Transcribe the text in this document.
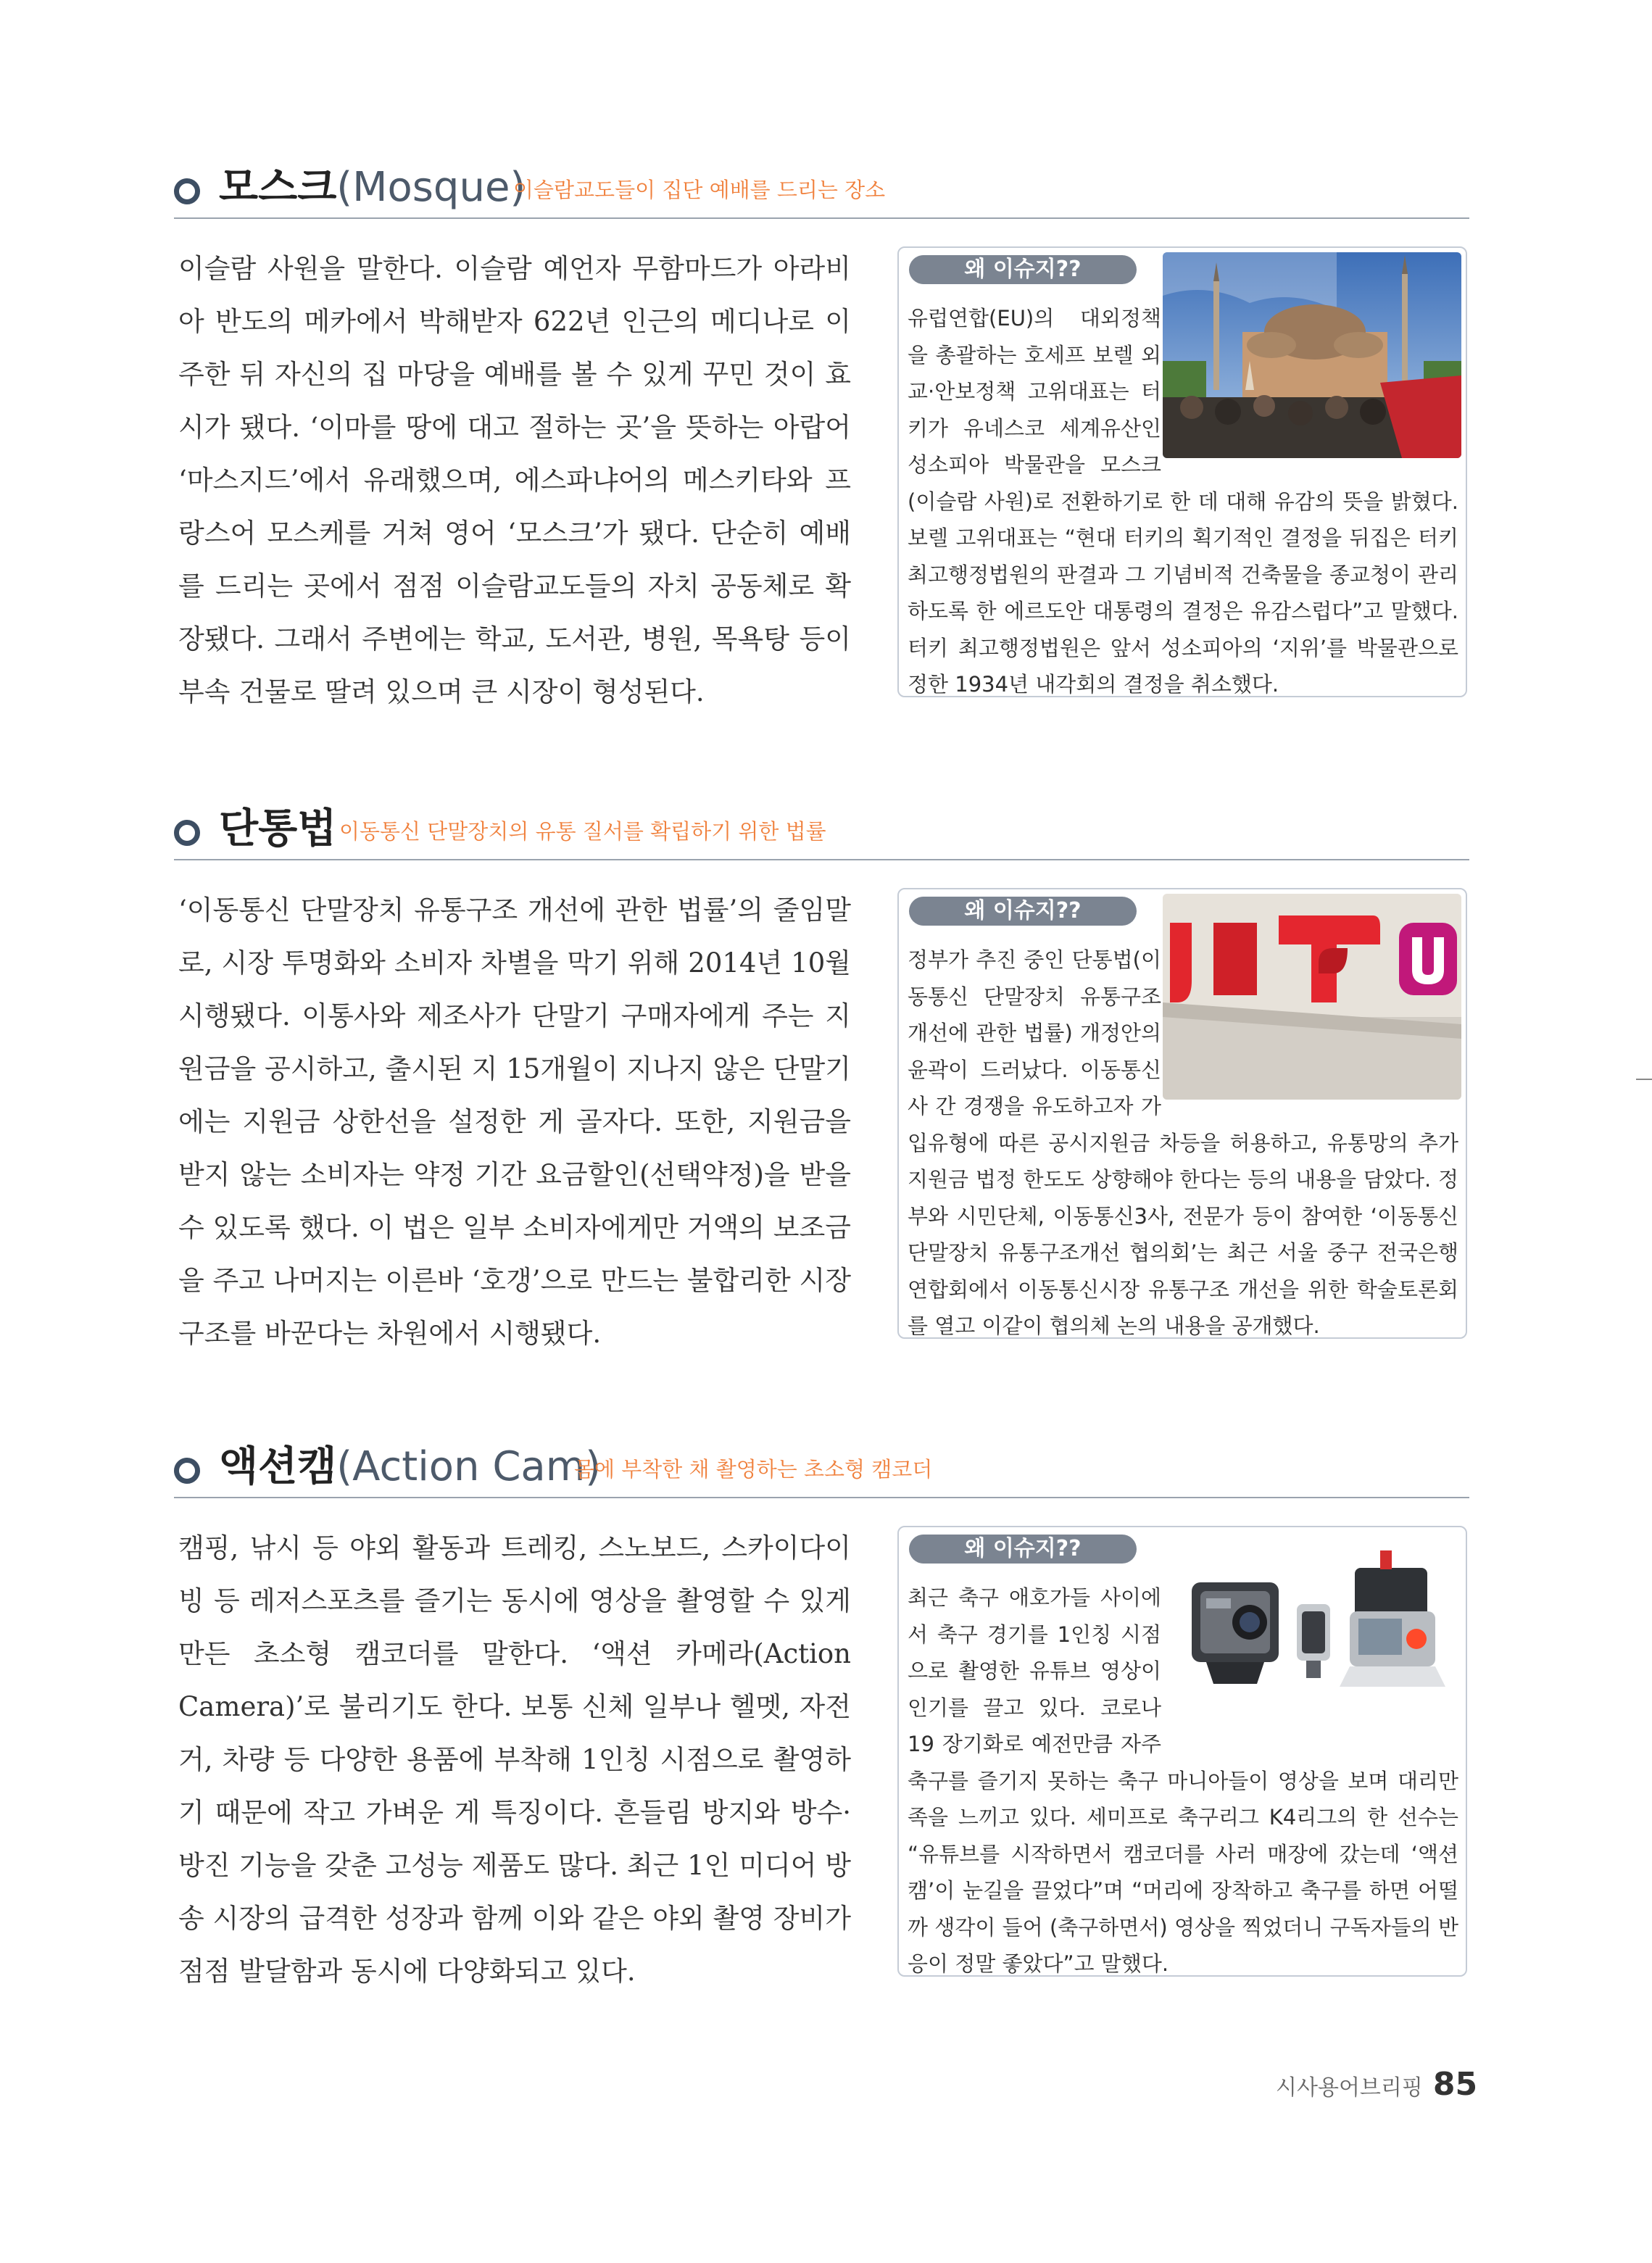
모스크(Mosque)
이슬람교도들이 집단 예배를 드리는 장소

이슬람 사원을 말한다. 이슬람 예언자 무함마드가 아라비아 반도의 메카에서 박해받자 622년 인근의 메디나로 이주한 뒤 자신의 집 마당을 예배를 볼 수 있게 꾸민 것이 효시가 됐다. ‘이마를 땅에 대고 절하는 곳’을 뜻하는 아랍어 ‘마스지드’에서 유래했으며, 에스파냐어의 메스키타와 프랑스어 모스케를 거쳐 영어 ‘모스크’가 됐다. 단순히 예배를 드리는 곳에서 점점 이슬람교도들의 자치 공동체로 확장됐다. 그래서 주변에는 학교, 도서관, 병원, 목욕탕 등이 부속 건물로 딸려 있으며 큰 시장이 형성된다.

왜 이슈지??

유럽연합(EU)의 대외정책을 총괄하는 호세프 보렐 외교·안보정책 고위대표는 터키가 유네스코 세계유산인 성소피아 박물관을 모스크(이슬람 사원)로 전환하기로 한 데 대해 유감의 뜻을 밝혔다. 보렐 고위대표는 “현대 터키의 획기적인 결정을 뒤집은 터키 최고행정법원의 판결과 그 기념비적 건축물을 종교청이 관리하도록 한 에르도안 대통령의 결정은 유감스럽다”고 말했다. 터키 최고행정법원은 앞서 성소피아의 ‘지위’를 박물관으로 정한 1934년 내각회의 결정을 취소했다.

단통법 이동통신 단말장치의 유통 질서를 확립하기 위한 법률

‘이동통신 단말장치 유통구조 개선에 관한 법률’의 줄임말로, 시장 투명화와 소비자 차별을 막기 위해 2014년 10월 시행됐다. 이통사와 제조사가 단말기 구매자에게 주는 지원금을 공시하고, 출시된 지 15개월이 지나지 않은 단말기에는 지원금 상한선을 설정한 게 골자다. 또한, 지원금을 받지 않는 소비자는 약정 기간 요금할인(선택약정)을 받을 수 있도록 했다. 이 법은 일부 소비자에게만 거액의 보조금을 주고 나머지는 이른바 ‘호갱’으로 만드는 불합리한 시장 구조를 바꾼다는 차원에서 시행됐다.

왜 이슈지??

정부가 추진 중인 단통법(이동통신 단말장치 유통구조 개선에 관한 법률) 개정안의 윤곽이 드러났다. 이동통신사 간 경쟁을 유도하고자 가입유형에 따른 공시지원금 차등을 허용하고, 유통망의 추가지원금 법정 한도도 상향해야 한다는 등의 내용을 담았다. 정부와 시민단체, 이동통신3사, 전문가 등이 참여한 ‘이동통신 단말장치 유통구조개선 협의회’는 최근 서울 중구 전국은행연합회에서 이동통신시장 유통구조 개선을 위한 학술토론회를 열고 이같이 협의체 논의 내용을 공개했다.

액션캠(Action Cam)
몸에 부착한 채 촬영하는 초소형 캠코더

캠핑, 낚시 등 야외 활동과 트레킹, 스노보드, 스카이다이빙 등 레저스포츠를 즐기는 동시에 영상을 촬영할 수 있게 만든 초소형 캠코더를 말한다. ‘액션 카메라(Action Camera)’로 불리기도 한다. 보통 신체 일부나 헬멧, 자전거, 차량 등 다양한 용품에 부착해 1인칭 시점으로 촬영하기 때문에 작고 가벼운 게 특징이다. 흔들림 방지와 방수·방진 기능을 갖춘 고성능 제품도 많다. 최근 1인 미디어 방송 시장의 급격한 성장과 함께 이와 같은 야외 촬영 장비가 점점 발달함과 동시에 다양화되고 있다.

왜 이슈지??

최근 축구 애호가들 사이에서 축구 경기를 1인칭 시점으로 촬영한 유튜브 영상이 인기를 끌고 있다. 코로나19 장기화로 예전만큼 자주 축구를 즐기지 못하는 축구 마니아들이 영상을 보며 대리만족을 느끼고 있다. 세미프로 축구리그 K4리그의 한 선수는 “유튜브를 시작하면서 캠코더를 사러 매장에 갔는데 ‘액션캠’이 눈길을 끌었다”며 “머리에 장착하고 축구를 하면 어떨까 생각이 들어 (축구하면서) 영상을 찍었더니 구독자들의 반응이 정말 좋았다”고 말했다.

시사용어브리핑 85
